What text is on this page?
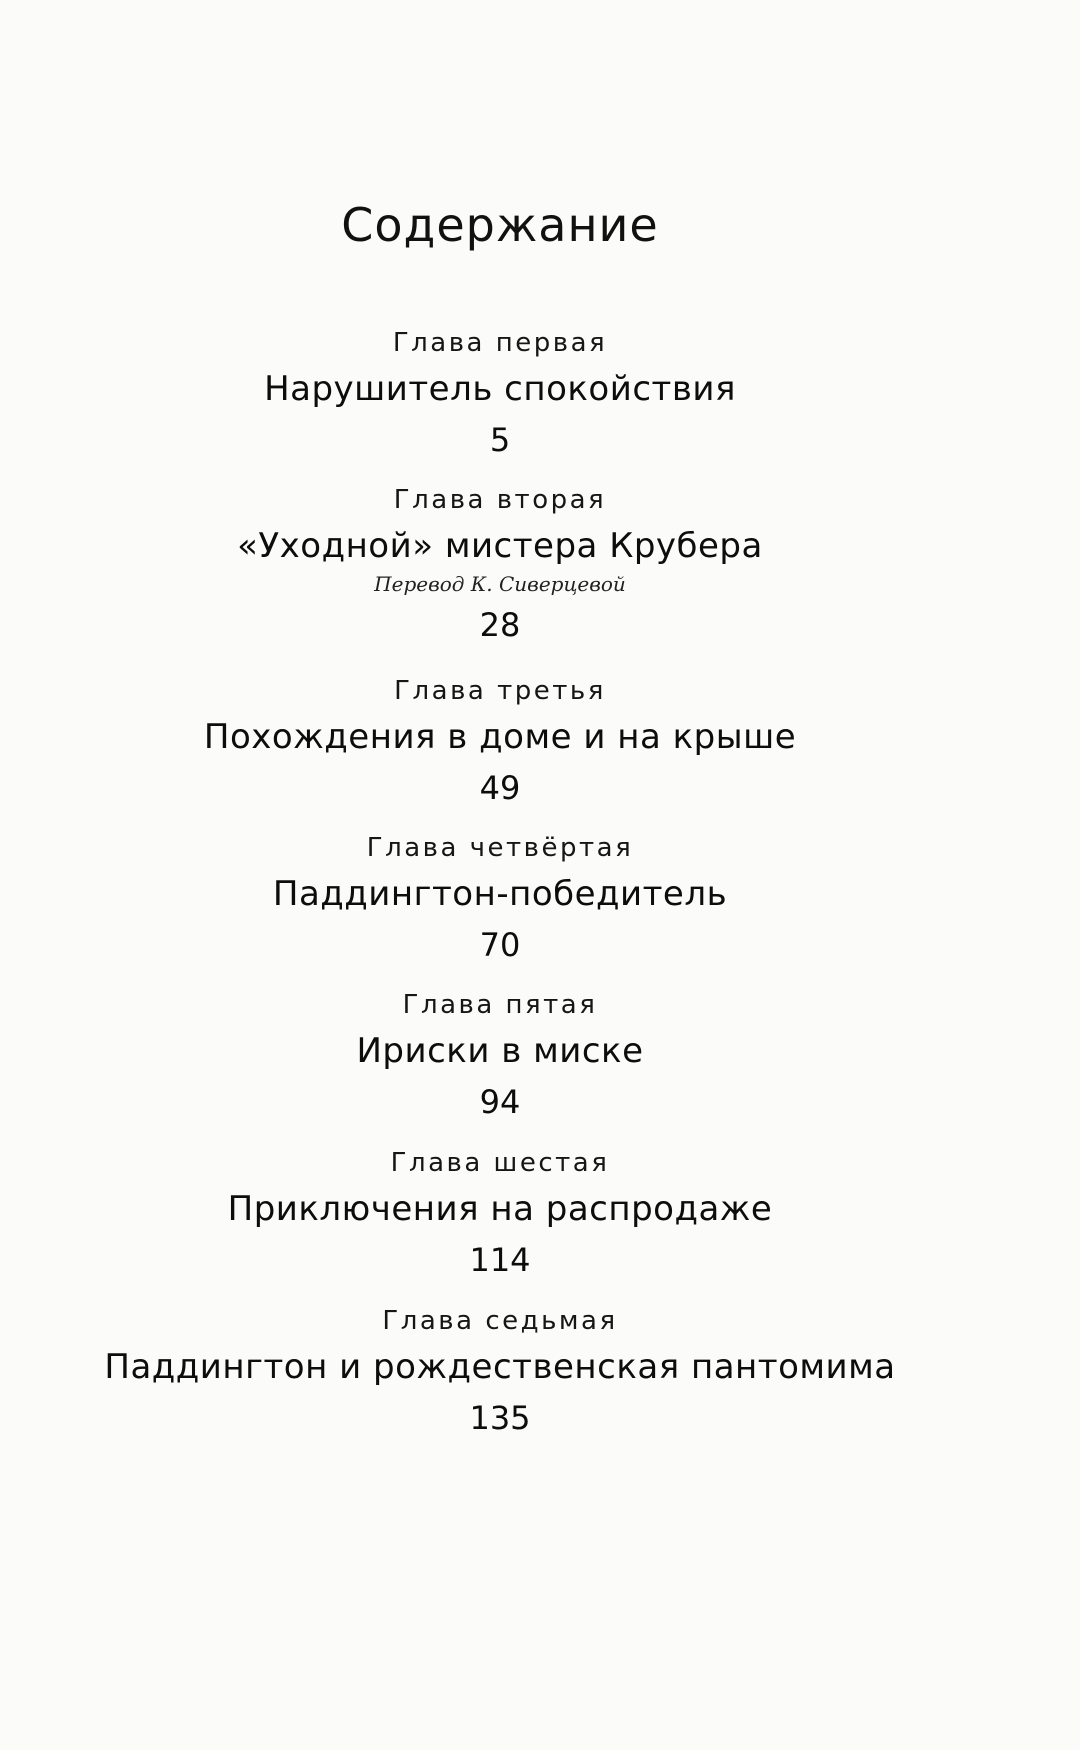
Содержание
Глава первая
Нарушитель спокойствия
5
Глава вторая
«Уходной» мистера Крубера
Перевод К. Сиверцевой
28
Глава третья
Похождения в доме и на крыше
49
Глава четвёртая
Паддингтон-победитель
70
Глава пятая
Ириски в миске
94
Глава шестая
Приключения на распродаже
114
Глава седьмая
Паддингтон и рождественская пантомима
135
